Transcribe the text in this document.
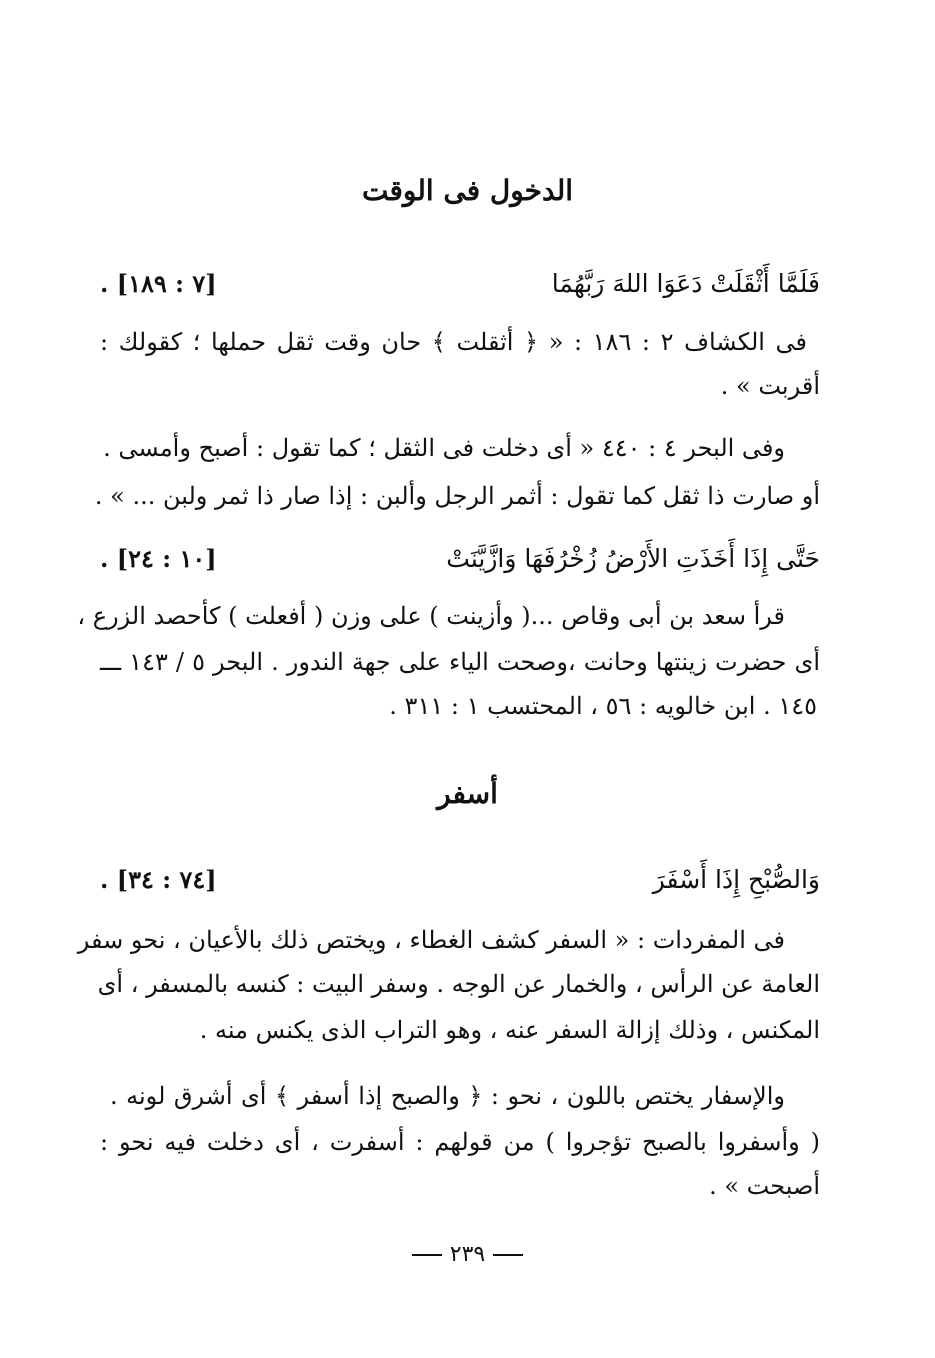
الدخول فى الوقت
فَلَمَّا أَثْقَلَتْ دَعَوَا اللهَ رَبَّهُمَا
[٧ : ١٨٩] .
فى الكشاف ٢ : ١٨٦ : « ﴿ أثقلت ﴾ حان وقت ثقل حملها ؛ كقولك :
أقربت » .
وفى البحر ٤ : ٤٤٠ « أى دخلت فى الثقل ؛ كما تقول : أصبح وأمسى .
أو صارت ذا ثقل كما تقول : أثمر الرجل وألبن : إذا صار ذا ثمر ولبن ... » .
حَتَّى إِذَا أَخَذَتِ الأَرْضُ زُخْرُفَهَا وَازَّيَّنَتْ
[١٠ : ٢٤] .
قرأ سعد بن أبى وقاص ...( وأزينت ) على وزن ( أفعلت ) كأحصد الزرع ،
أى حضرت زينتها وحانت ،وصحت الياء على جهة الندور . البحر ٥ / ١٤٣ ـــ
١٤٥ . ابن خالويه : ٥٦ ، المحتسب ١ : ٣١١ .
أسفر
وَالصُّبْحِ إِذَا أَسْفَرَ
[٧٤ : ٣٤] .
فى المفردات : « السفر كشف الغطاء ، ويختص ذلك بالأعيان ، نحو سفر
العامة عن الرأس ، والخمار عن الوجه . وسفر البيت : كنسه بالمسفر ، أى
المكنس ، وذلك إزالة السفر عنه ، وهو التراب الذى يكنس منه .
والإسفار يختص باللون ، نحو : ﴿ والصبح إذا أسفر ﴾ أى أشرق لونه .
( وأسفروا بالصبح تؤجروا ) من قولهم : أسفرت ، أى دخلت فيه نحو :
أصبحت » .
٢٣٩
